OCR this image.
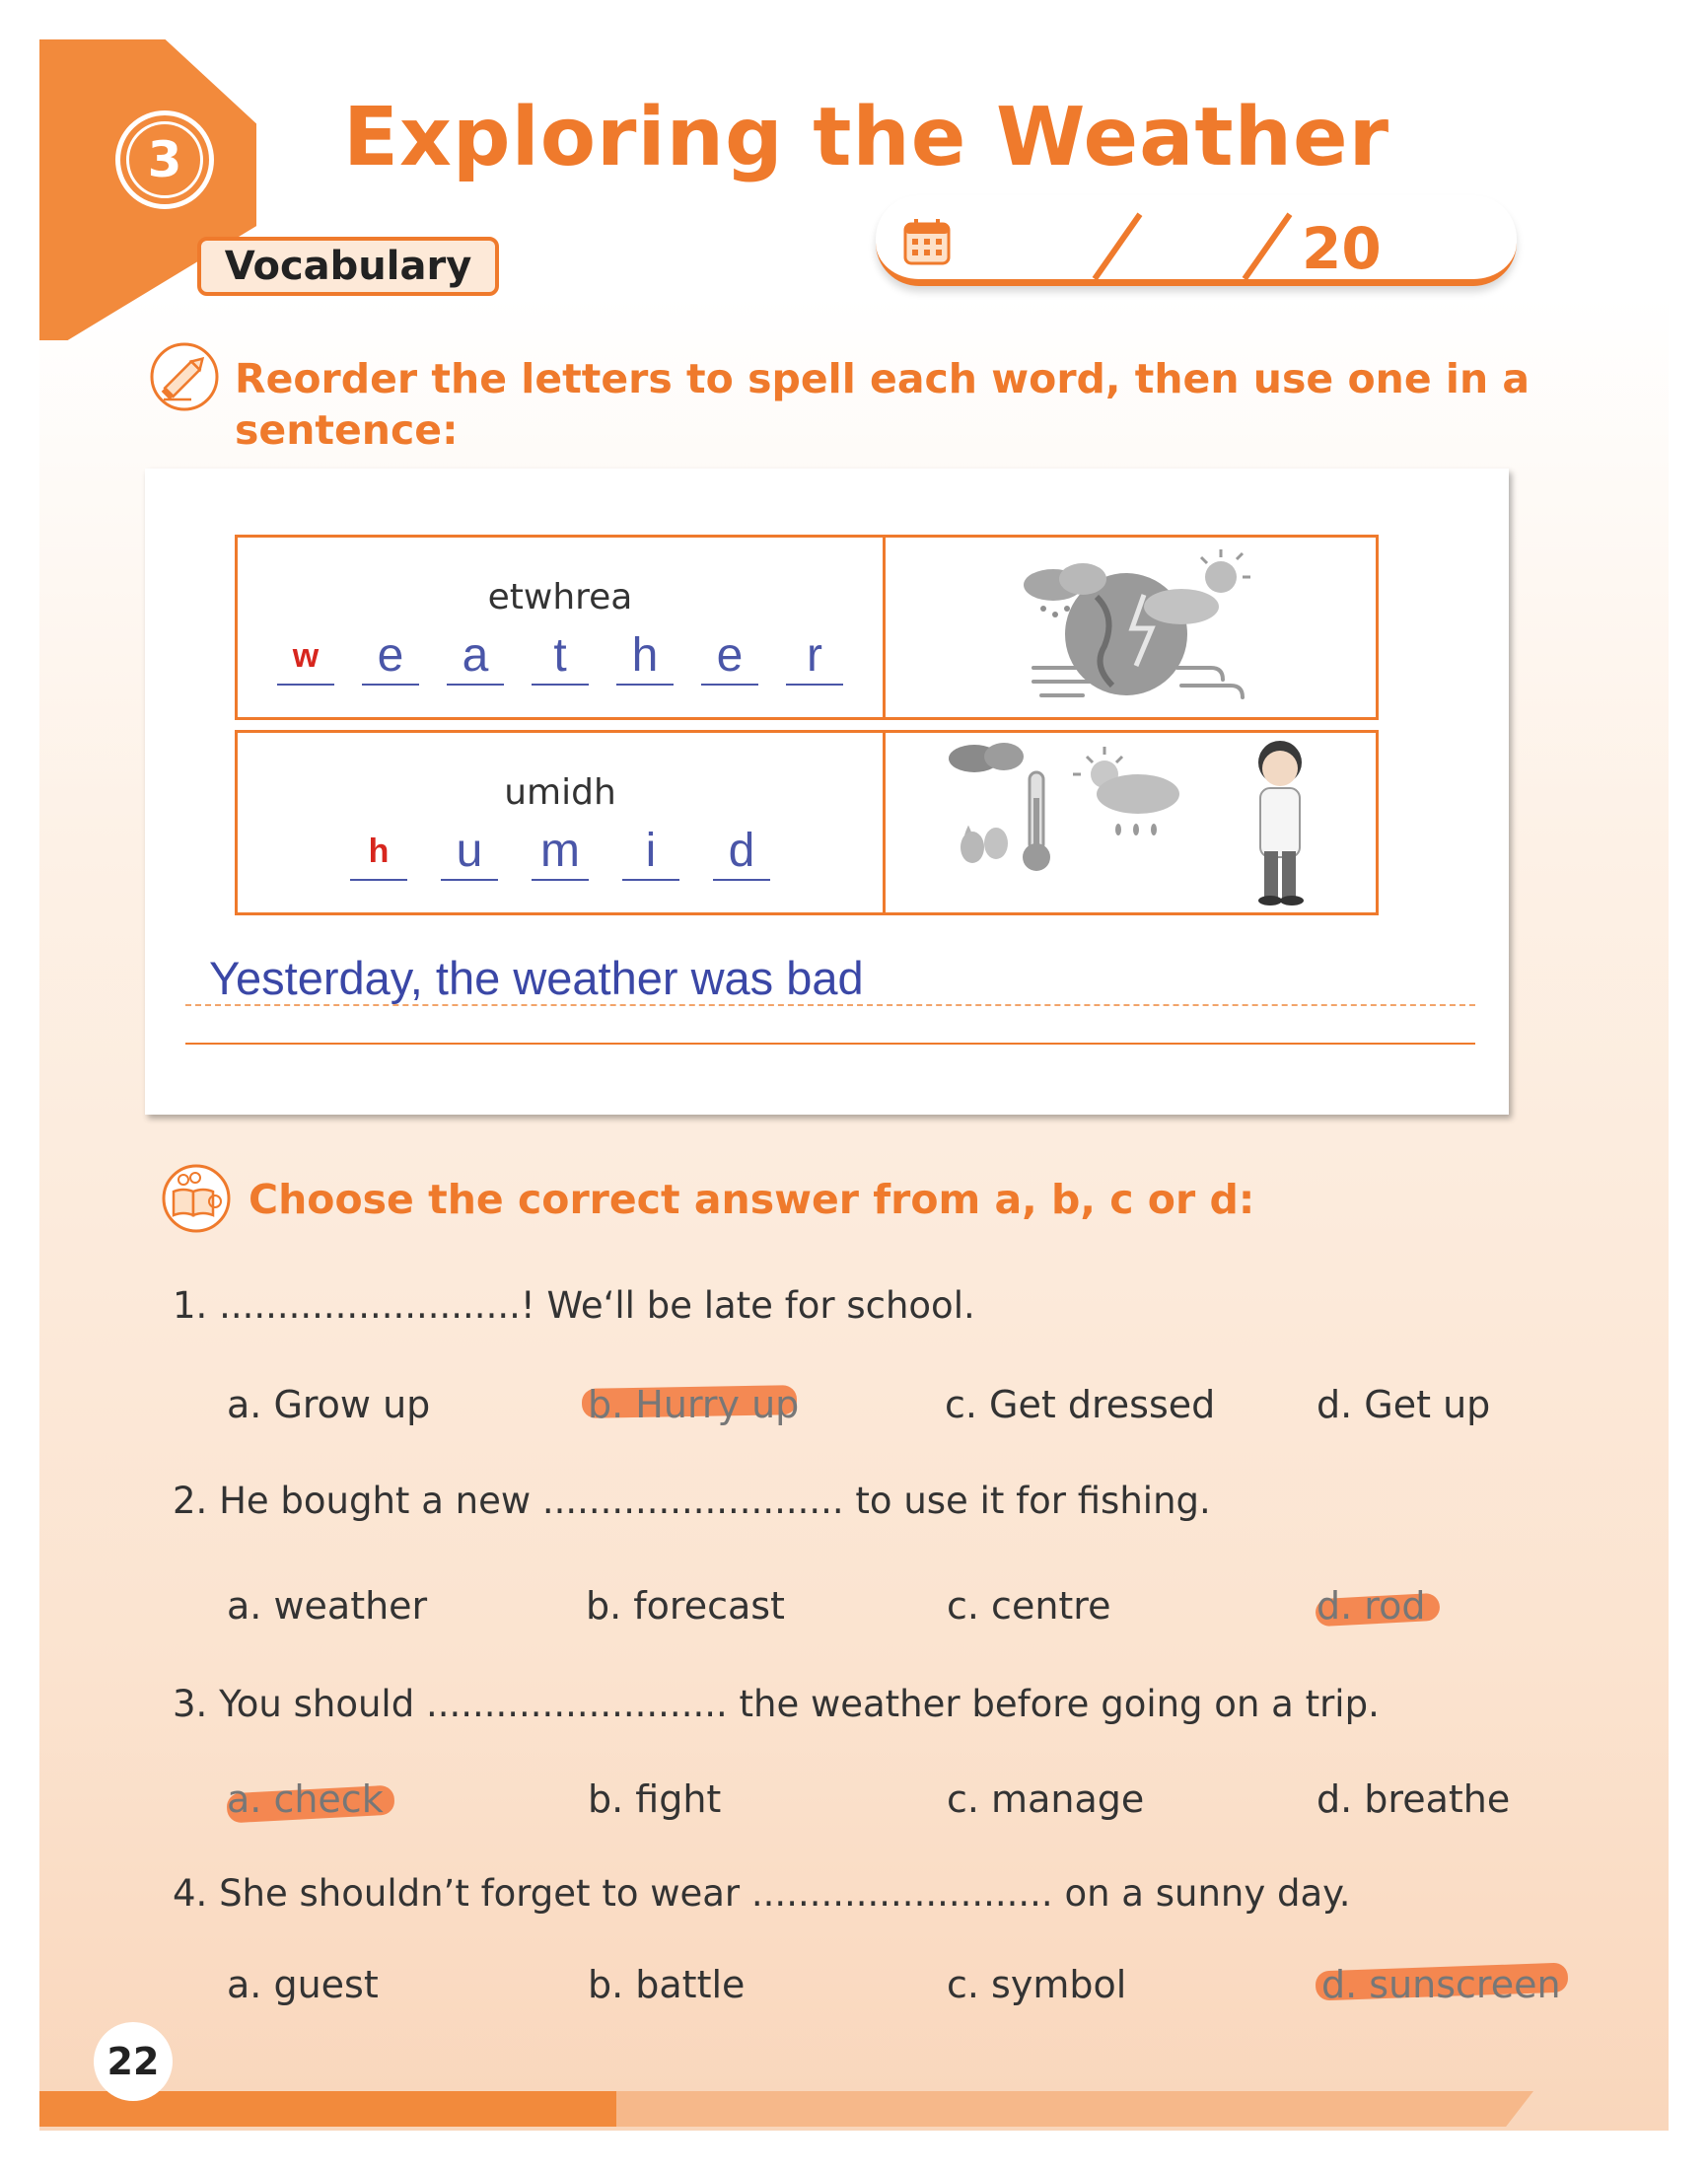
3 Exploring the Weather
Vocabulary	20
Reorder the letters to spell each word, then use one in a
sentence:
etwhrea
w	e	a	t	h	e	r
umidh
h	u	m	i	d
Yesterday, the weather was bad
Choose the correct answer from a, b, c or d:
1. ..........................! We‘ll be late for school.
a. Grow up	b. Hurry up	c. Get dressed	d. Get up
2. He bought a new .......................... to use it for fishing.
a. weather	b. forecast	c. centre	d. rod
3. You should .......................... the weather before going on a trip.
a. check	b. fight	c. manage	d. breathe
4. She shouldn’t forget to wear .......................... on a sunny day.
a. guest	b. battle	c. symbol	d. sunscreen
22
